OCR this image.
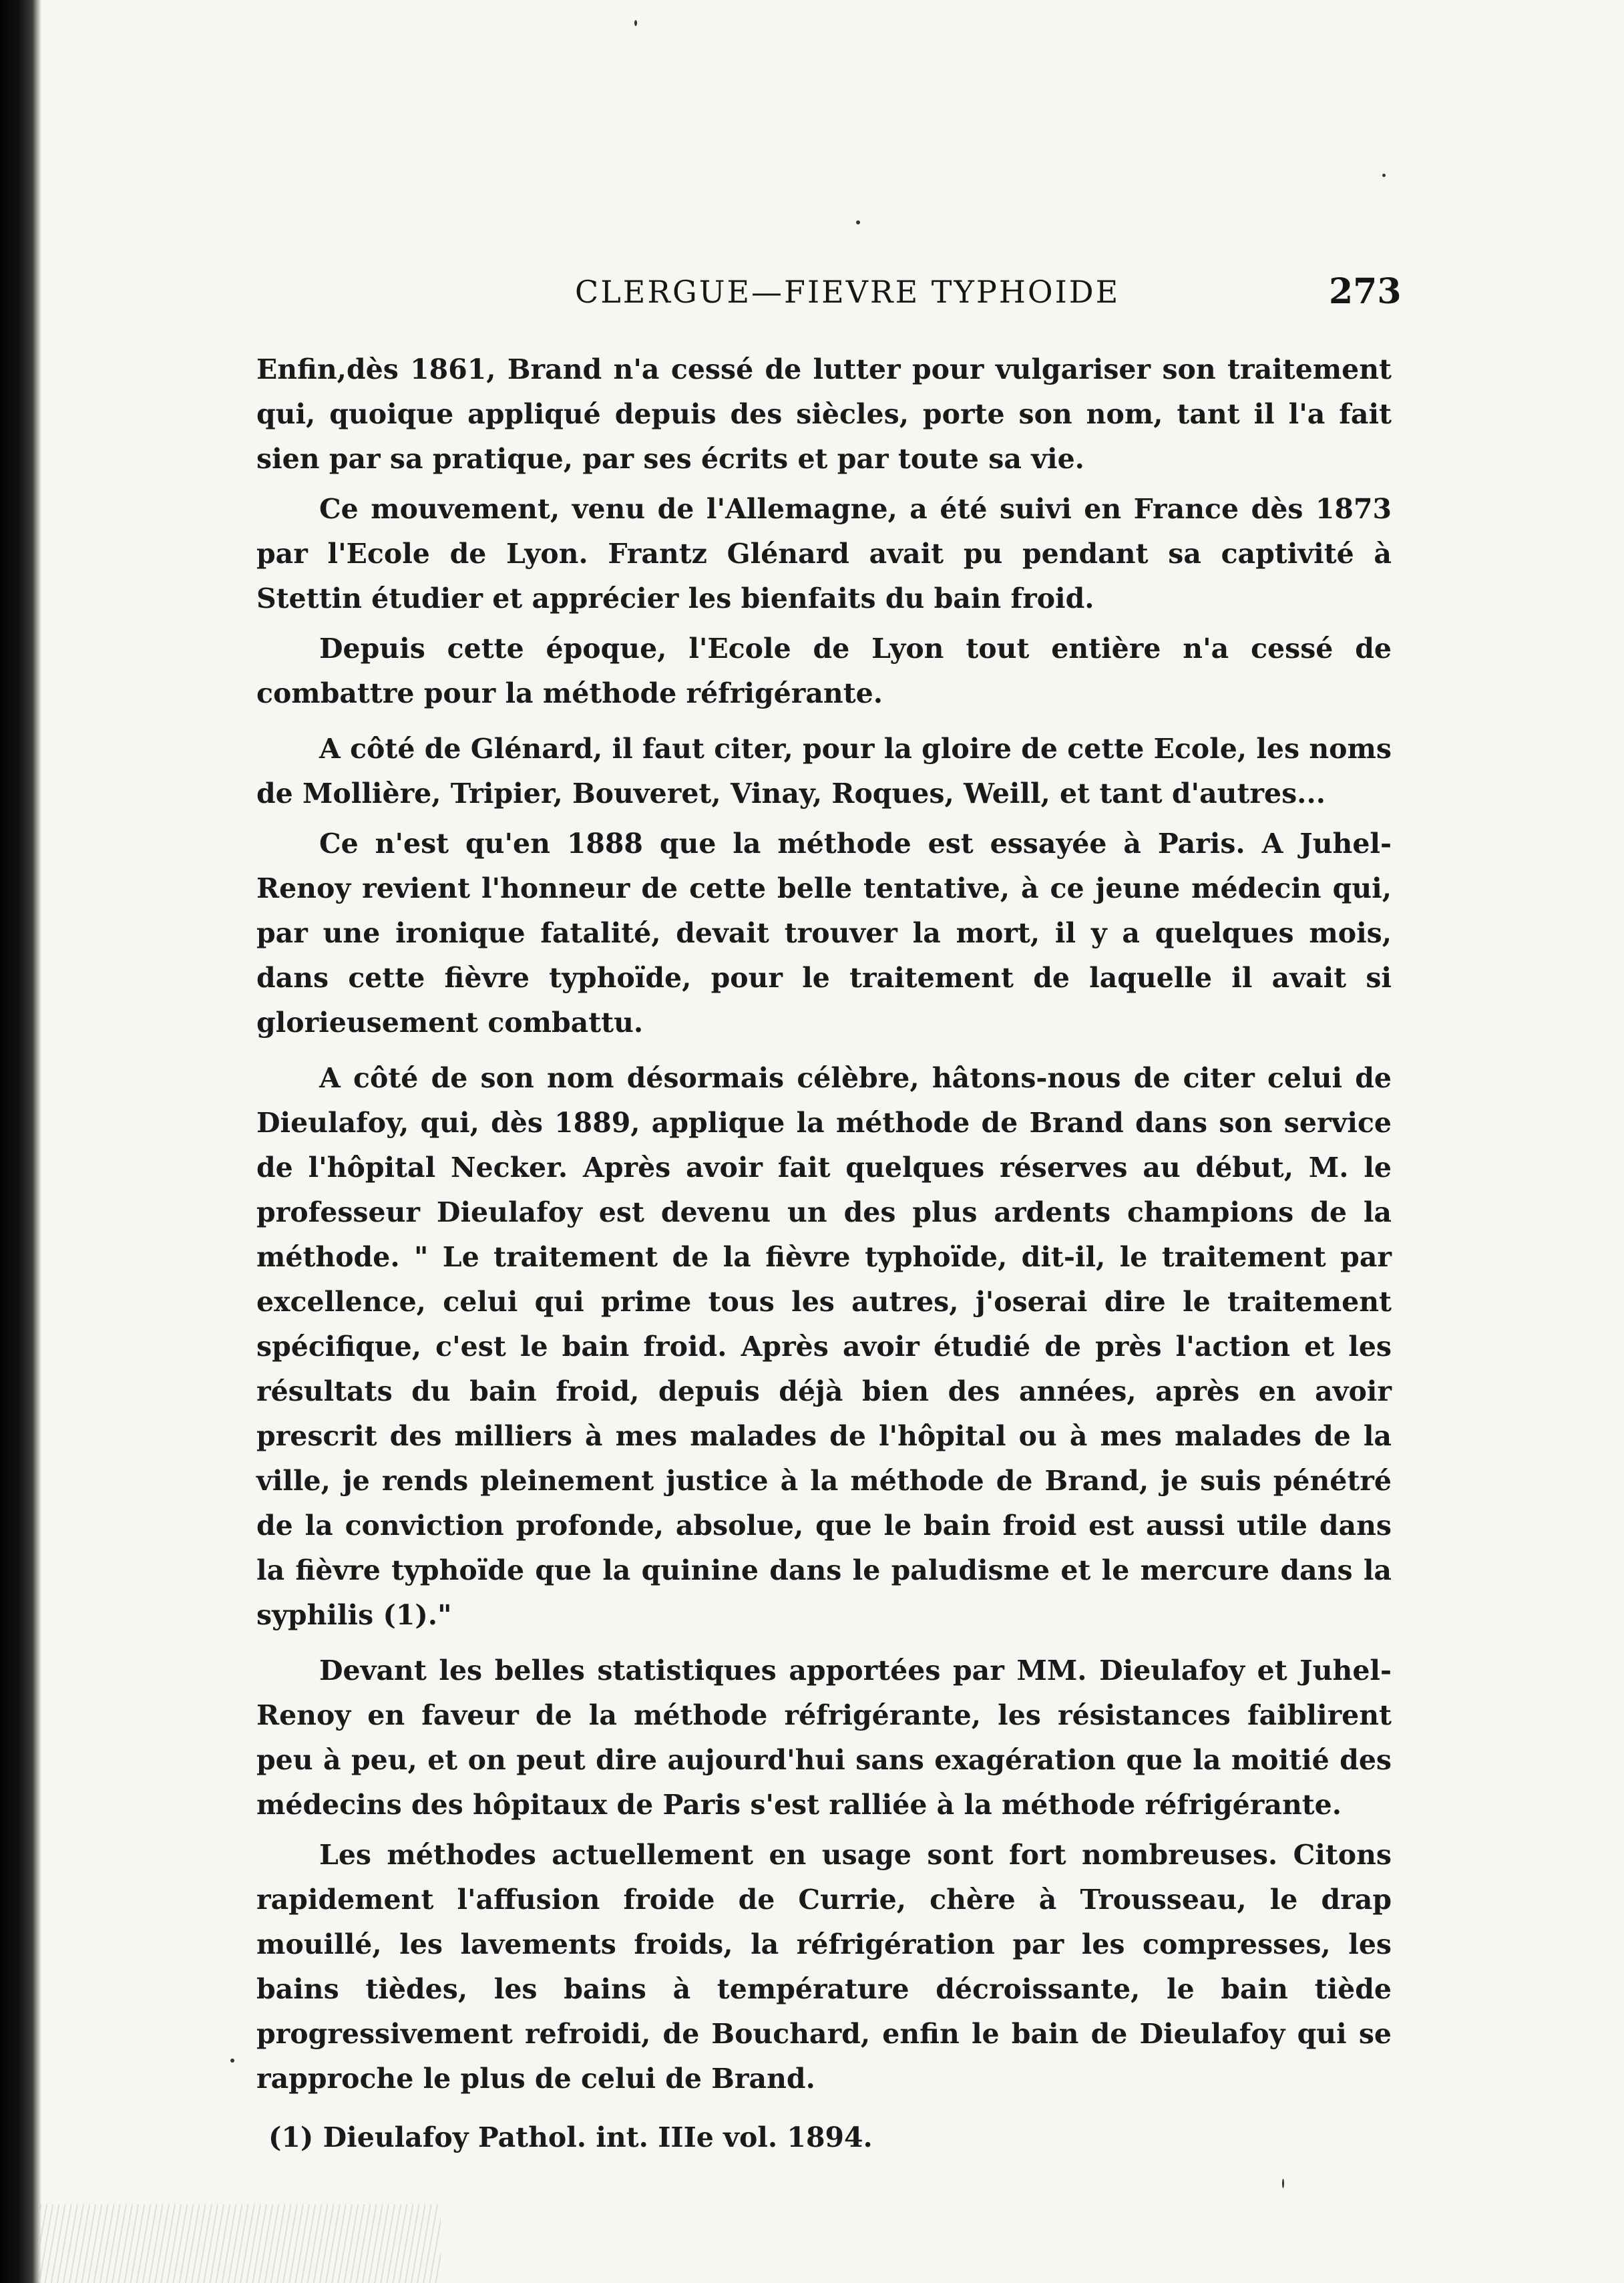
CLERGUE—FIEVRE TYPHOIDE	273

Enfin,dès 1861, Brand n'a cessé de lutter pour vulgariser son traitement qui, quoique appliqué depuis des siècles, porte son nom, tant il l'a fait sien par sa pratique, par ses écrits et par toute sa vie.

Ce mouvement, venu de l'Allemagne, a été suivi en France dès 1873 par l'Ecole de Lyon. Frantz Glénard avait pu pendant sa captivité à Stettin étudier et apprécier les bienfaits du bain froid.

Depuis cette époque, l'Ecole de Lyon tout entière n'a cessé de combattre pour la méthode réfrigérante.

A côté de Glénard, il faut citer, pour la gloire de cette Ecole, les noms de Mollière, Tripier, Bouveret, Vinay, Roques, Weill, et tant d'autres...

Ce n'est qu'en 1888 que la méthode est essayée à Paris. A Juhel-Renoy revient l'honneur de cette belle tentative, à ce jeune médecin qui, par une ironique fatalité, devait trouver la mort, il y a quelques mois, dans cette fièvre typhoïde, pour le traitement de laquelle il avait si glorieusement combattu.

A côté de son nom désormais célèbre, hâtons-nous de citer celui de Dieulafoy, qui, dès 1889, applique la méthode de Brand dans son service de l'hôpital Necker. Après avoir fait quelques réserves au début, M. le professeur Dieulafoy est devenu un des plus ardents champions de la méthode. " Le traitement de la fièvre typhoïde, dit-il, le traitement par excellence, celui qui prime tous les autres, j'oserai dire le traitement spécifique, c'est le bain froid. Après avoir étudié de près l'action et les résultats du bain froid, depuis déjà bien des années, après en avoir prescrit des milliers à mes malades de l'hôpital ou à mes malades de la ville, je rends pleinement justice à la méthode de Brand, je suis pénétré de la conviction profonde, absolue, que le bain froid est aussi utile dans la fièvre typhoïde que la quinine dans le paludisme et le mercure dans la syphilis (1)."

Devant les belles statistiques apportées par MM. Dieulafoy et Juhel-Renoy en faveur de la méthode réfrigérante, les résistances faiblirent peu à peu, et on peut dire aujourd'hui sans exagération que la moitié des médecins des hôpitaux de Paris s'est ralliée à la méthode réfrigérante.

Les méthodes actuellement en usage sont fort nombreuses. Citons rapidement l'affusion froide de Currie, chère à Trousseau, le drap mouillé, les lavements froids, la réfrigération par les compresses, les bains tièdes, les bains à température décroissante, le bain tiède progressivement refroidi, de Bouchard, enfin le bain de Dieulafoy qui se rapproche le plus de celui de Brand.

(1) Dieulafoy Pathol. int. IIIe vol. 1894.
